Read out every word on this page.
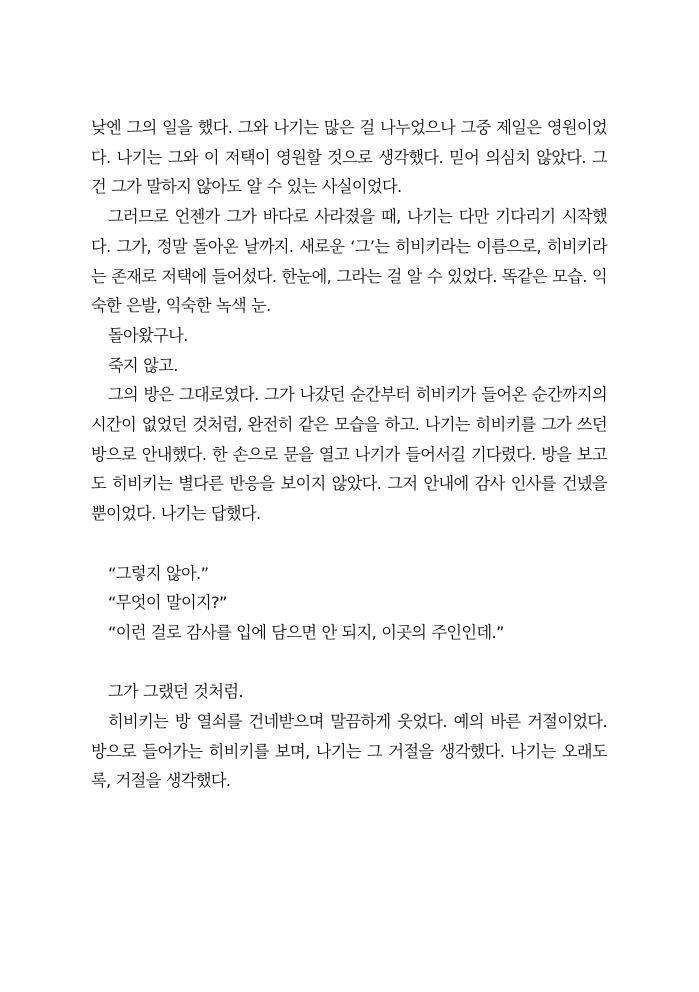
낮엔 그의 일을 했다. 그와 나기는 많은 걸 나누었으나 그중 제일은 영원이었다. 나기는 그와 이 저택이 영원할 것으로 생각했다. 믿어 의심치 않았다. 그건 그가 말하지 않아도 알 수 있는 사실이었다.

그러므로 언젠가 그가 바다로 사라졌을 때, 나기는 다만 기다리기 시작했다. 그가, 정말 돌아온 날까지. 새로운 ‘그’는 히비키라는 이름으로, 히비키라는 존재로 저택에 들어섰다. 한눈에, 그라는 걸 알 수 있었다. 똑같은 모습. 익숙한 은발, 익숙한 녹색 눈.

돌아왔구나.

죽지 않고.

그의 방은 그대로였다. 그가 나갔던 순간부터 히비키가 들어온 순간까지의 시간이 없었던 것처럼, 완전히 같은 모습을 하고. 나기는 히비키를 그가 쓰던 방으로 안내했다. 한 손으로 문을 열고 나기가 들어서길 기다렸다. 방을 보고도 히비키는 별다른 반응을 보이지 않았다. 그저 안내에 감사 인사를 건넸을 뿐이었다. 나기는 답했다.

“그렇지 않아.”

“무엇이 말이지?”

“이런 걸로 감사를 입에 담으면 안 되지, 이곳의 주인인데.”

그가 그랬던 것처럼.

히비키는 방 열쇠를 건네받으며 말끔하게 웃었다. 예의 바른 거절이었다. 방으로 들어가는 히비키를 보며, 나기는 그 거절을 생각했다. 나기는 오래도록, 거절을 생각했다.
